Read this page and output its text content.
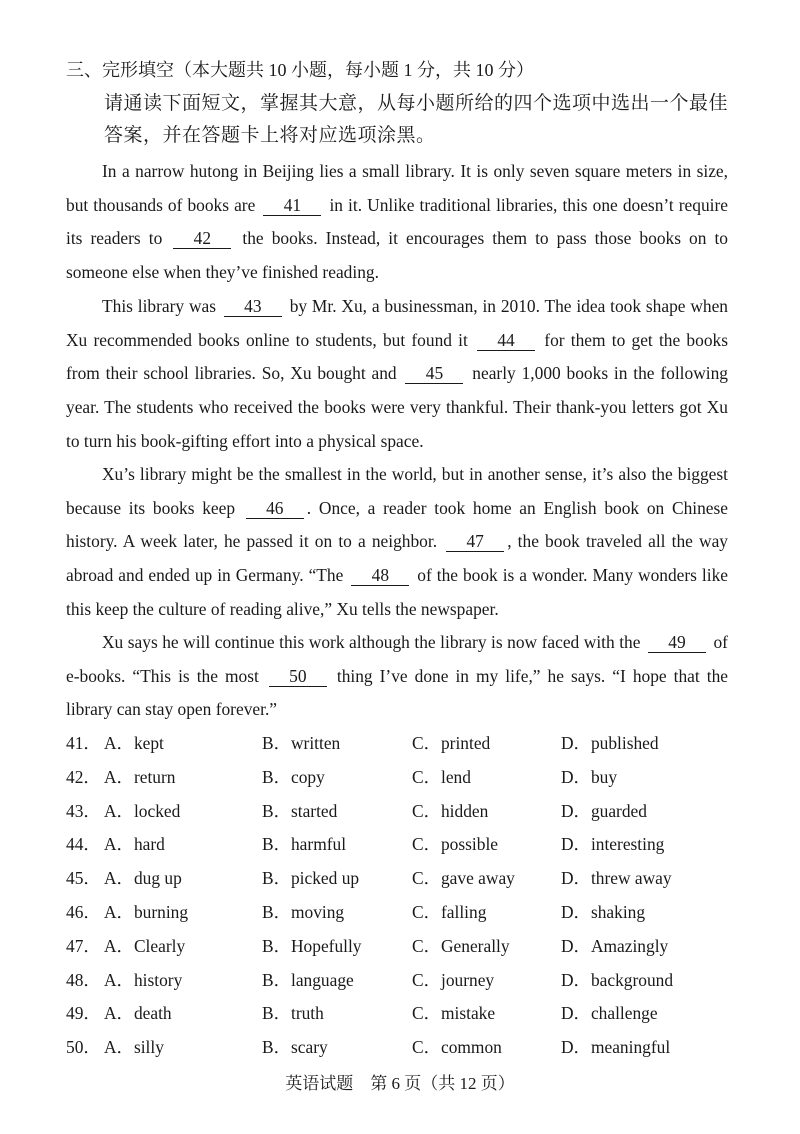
三、完形填空（本大题共 10 小题，每小题 1 分，共 10 分）
请通读下面短文，掌握其大意，从每小题所给的四个选项中选出一个最佳
答案，并在答题卡上将对应选项涂黑。
In a narrow hutong in Beijing lies a small library. It is only seven square meters in size, but thousands of books are 41 in it. Unlike traditional libraries, this one doesn’t require its readers to 42 the books. Instead, it encourages them to pass those books on to someone else when they’ve finished reading.
This library was 43 by Mr. Xu, a businessman, in 2010. The idea took shape when Xu recommended books online to students, but found it 44 for them to get the books from their school libraries. So, Xu bought and 45 nearly 1,000 books in the following year. The students who received the books were very thankful. Their thank-you letters got Xu to turn his book-gifting effort into a physical space.
Xu’s library might be the smallest in the world, but in another sense, it’s also the biggest because its books keep 46 . Once, a reader took home an English book on Chinese history. A week later, he passed it on to a neighbor. 47 , the book traveled all the way abroad and ended up in Germany. “The 48 of the book is a wonder. Many wonders like this keep the culture of reading alive,” Xu tells the newspaper.
Xu says he will continue this work although the library is now faced with the 49 of e-books. “This is the most 50 thing I’ve done in my life,” he says. “I hope that the library can stay open forever.”
41． A．kept	B．written	C．printed	D．published
42． A．return	B．copy	C．lend	D．buy
43． A．locked	B．started	C．hidden	D．guarded
44． A．hard	B．harmful	C．possible	D．interesting
45． A．dug up	B．picked up	C．gave away	D．threw away
46． A．burning	B．moving	C．falling	D．shaking
47． A．Clearly	B．Hopefully	C．Generally	D．Amazingly
48． A．history	B．language	C．journey	D．background
49． A．death	B．truth	C．mistake	D．challenge
50． A．silly	B．scary	C．common	D．meaningful
英语试题　第 6 页（共 12 页）
